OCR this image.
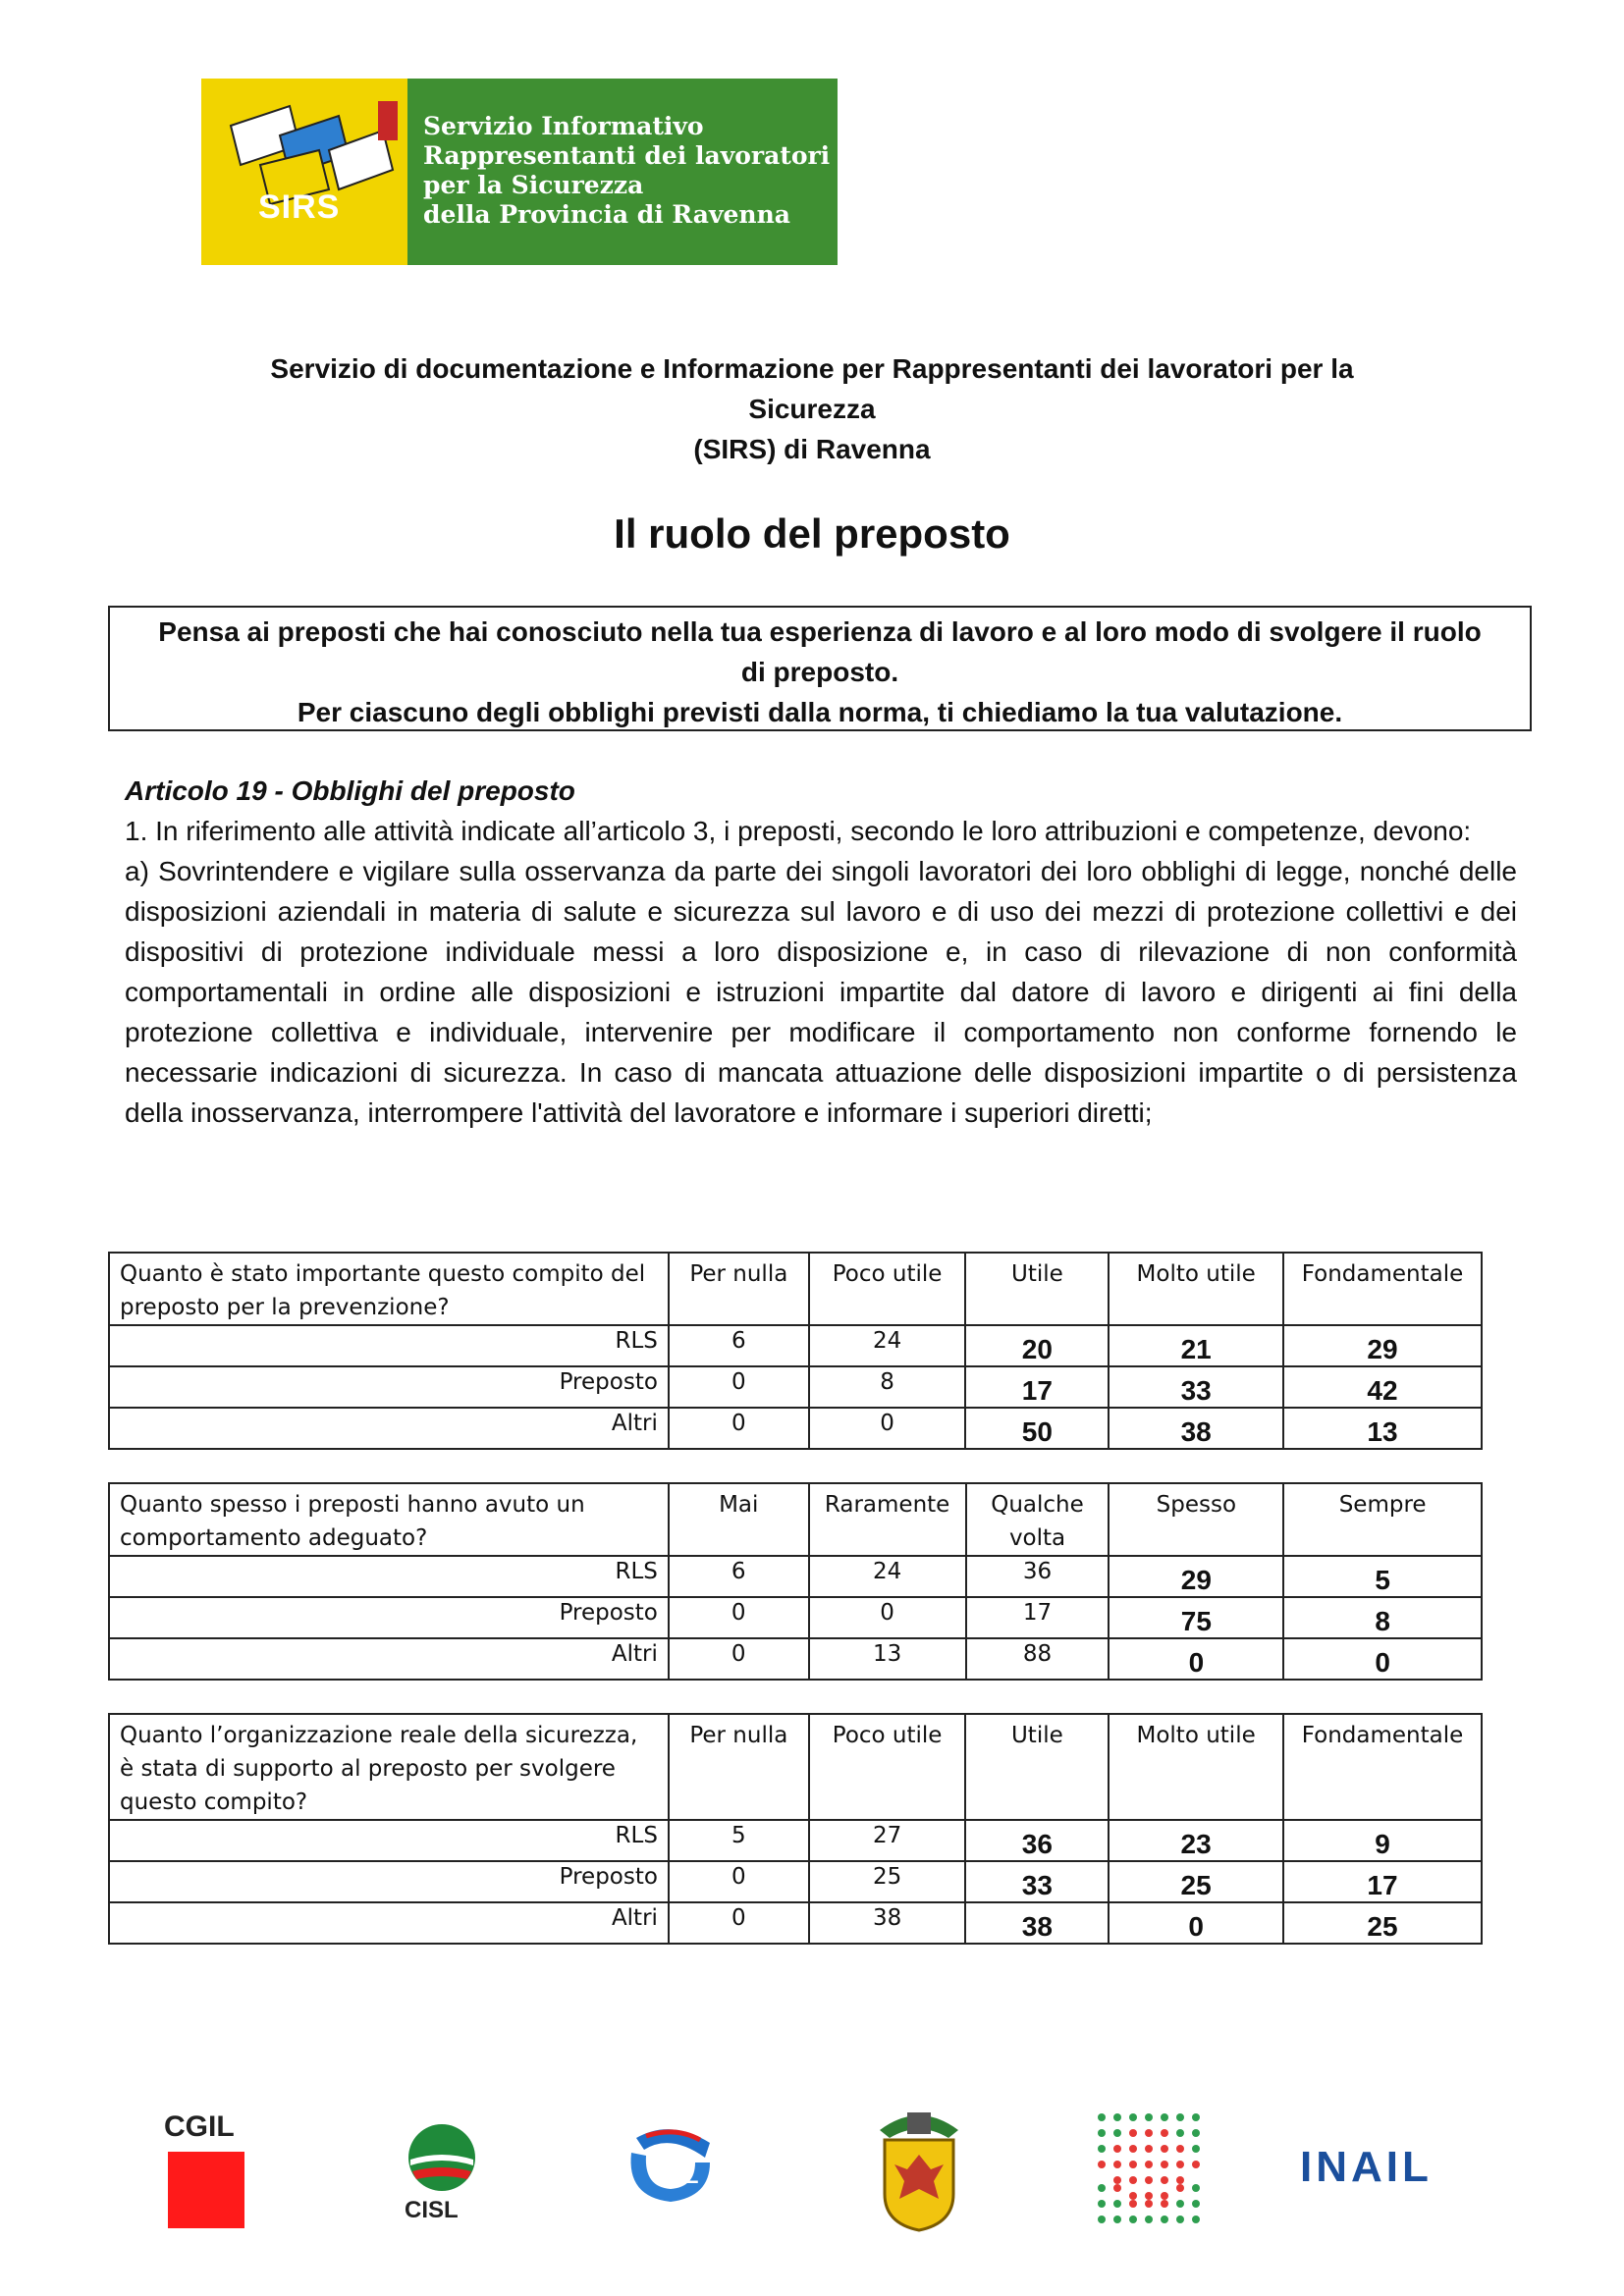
SIRS
Servizio Informativo
Rappresentanti dei lavoratori
per la Sicurezza
della Provincia di Ravenna
Servizio di documentazione e Informazione per Rappresentanti dei lavoratori per la
Sicurezza
(SIRS) di Ravenna
Il ruolo del preposto
Pensa ai preposti che hai conosciuto nella tua esperienza di lavoro e al loro modo di svolgere il ruolo
di preposto.
Per ciascuno degli obblighi previsti dalla norma, ti chiediamo la tua valutazione.

Articolo 19 - Obblighi del preposto

1. In riferimento alle attività indicate all’articolo 3, i preposti, secondo le loro attribuzioni e competenze, devono:

a) Sovrintendere e vigilare sulla osservanza da parte dei singoli lavoratori dei loro obblighi di legge, nonché delle disposizioni aziendali in materia di salute e sicurezza sul lavoro e di uso dei mezzi di protezione collettivi e dei dispositivi di protezione individuale messi a loro disposizione e, in caso di rilevazione di non conformità comportamentali in ordine alle disposizioni e istruzioni impartite dal datore di lavoro e dirigenti ai fini della protezione collettiva e individuale, intervenire per modificare il comportamento non conforme fornendo le necessarie indicazioni di sicurezza. In caso di mancata attuazione delle disposizioni impartite o di persistenza della inosservanza, interrompere l'attività del lavoratore e informare i superiori diretti;

Quanto è stato importante questo compito del preposto per la prevenzione?	Per nulla	Poco utile	Utile	Molto utile	Fondamentale
RLS	6	24	20	21	29
Preposto	0	8	17	33	42
Altri	0	0	50	38	13
Quanto spesso i preposti hanno avuto un comportamento adeguato?	Mai	Raramente	Qualche volta	Spesso	Sempre
RLS	6	24	36	29	5
Preposto	0	0	17	75	8
Altri	0	13	88	0	0
Quanto l’organizzazione reale della sicurezza, è stata di supporto al preposto per svolgere questo compito?	Per nulla	Poco utile	Utile	Molto utile	Fondamentale
RLS	5	27	36	23	9
Preposto	0	25	33	25	17
Altri	0	38	38	0	25
CGIL
CISL
UIL	INAIL
